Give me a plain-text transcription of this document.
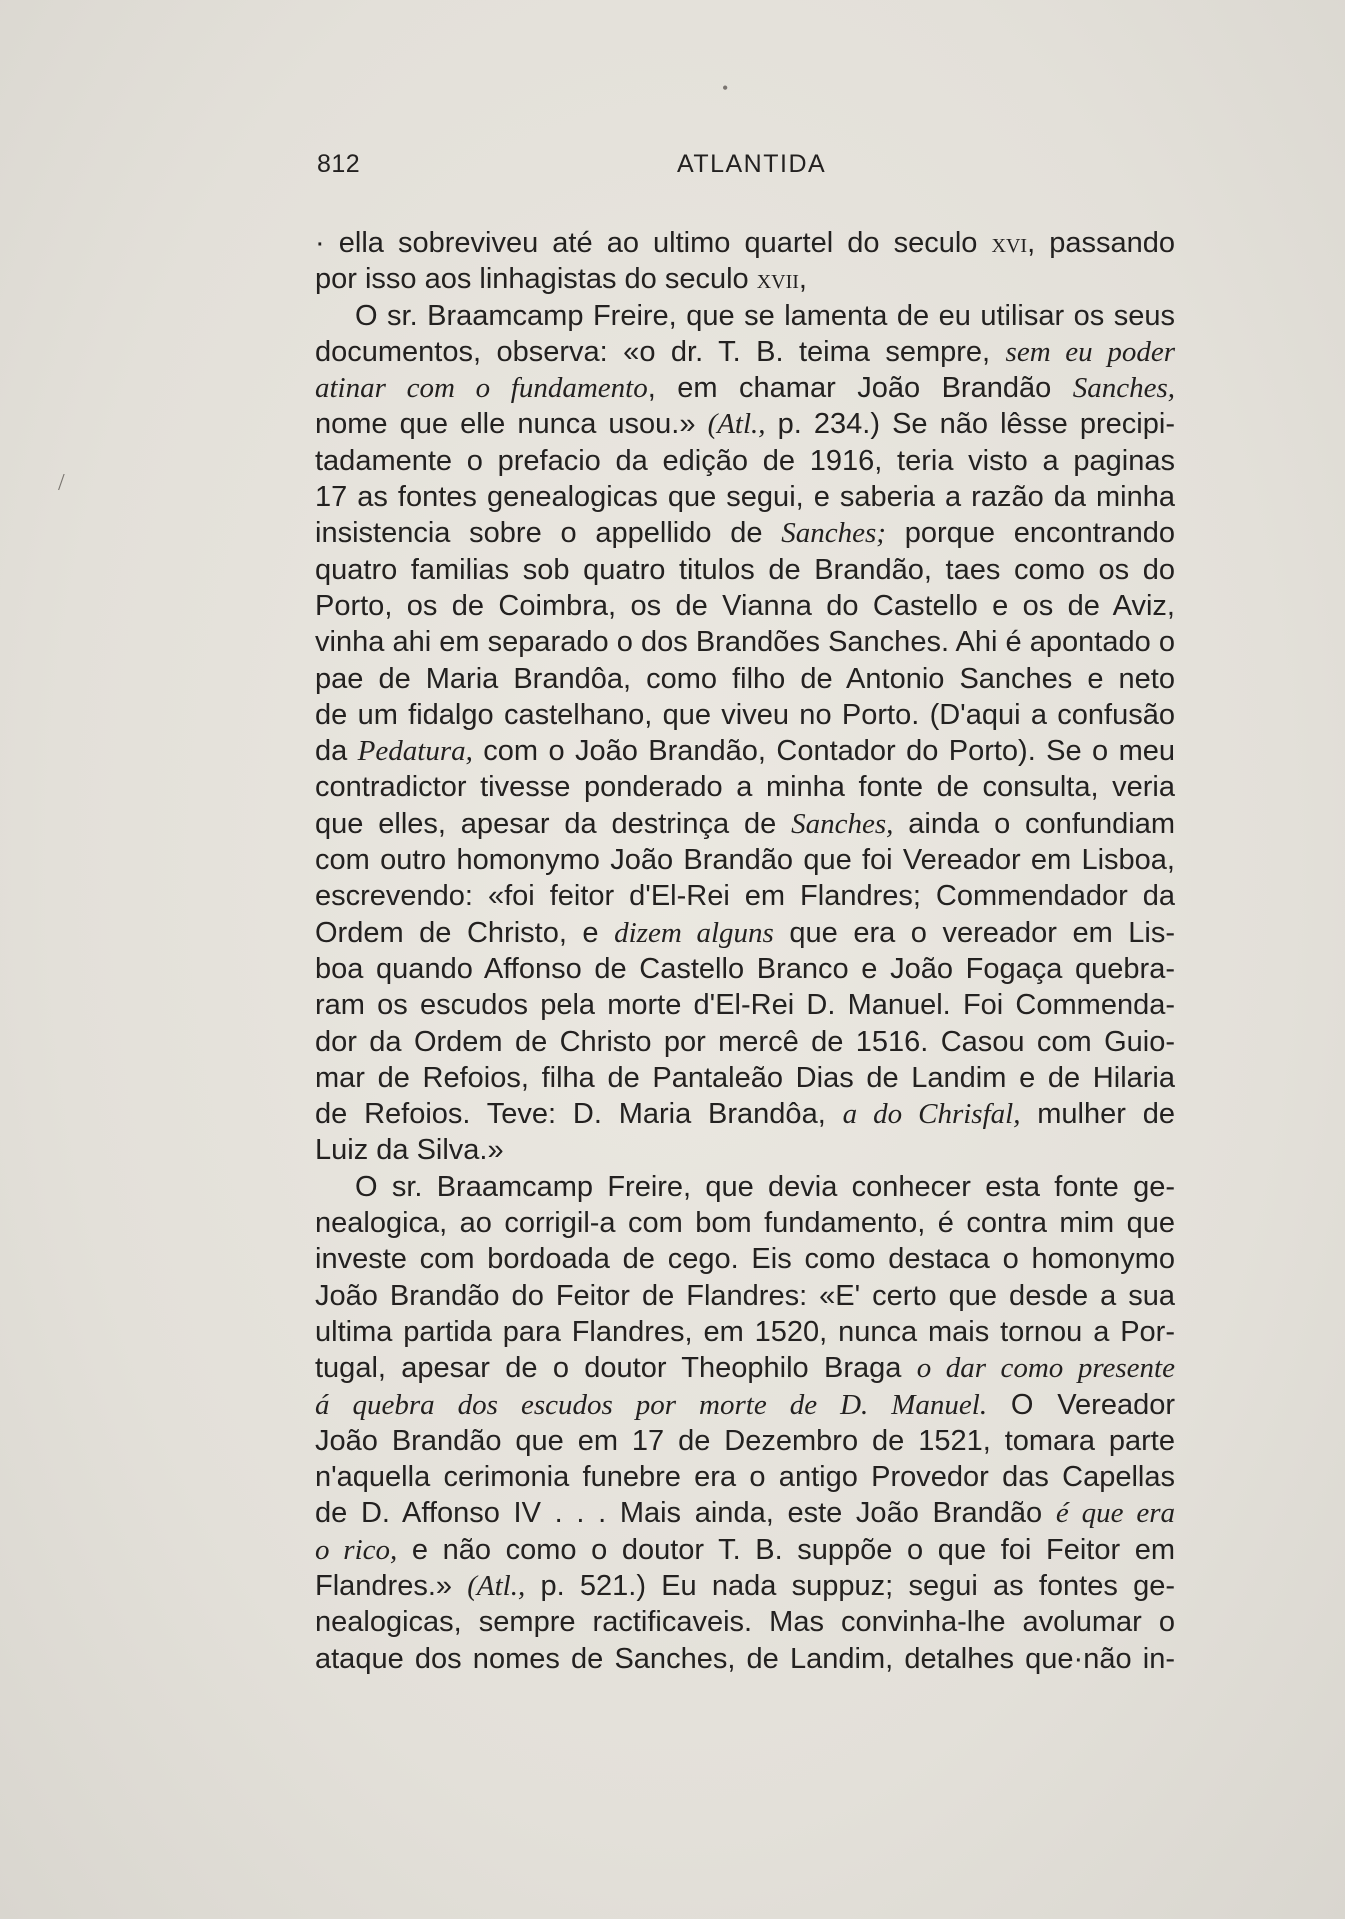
•
/
812	ATLANTIDA
· ella sobreviveu até ao ultimo quartel do seculo xvi, passando
por isso aos linhagistas do seculo xvii,
O sr. Braamcamp Freire, que se lamenta de eu utilisar os seus
documentos, observa: «o dr. T. B. teima sempre, sem eu poder
atinar com o fundamento, em chamar João Brandão Sanches,
nome que elle nunca usou.» (Atl., p. 234.) Se não lêsse precipi-
tadamente o prefacio da edição de 1916, teria visto a paginas
17 as fontes genealogicas que segui, e saberia a razão da minha
insistencia sobre o appellido de Sanches; porque encontrando
quatro familias sob quatro titulos de Brandão, taes como os do
Porto, os de Coimbra, os de Vianna do Castello e os de Aviz,
vinha ahi em separado o dos Brandões Sanches. Ahi é apontado o
pae de Maria Brandôa, como filho de Antonio Sanches e neto
de um fidalgo castelhano, que viveu no Porto. (D'aqui a confusão
da Pedatura, com o João Brandão, Contador do Porto). Se o meu
contradictor tivesse ponderado a minha fonte de consulta, veria
que elles, apesar da destrinça de Sanches, ainda o confundiam
com outro homonymo João Brandão que foi Vereador em Lisboa,
escrevendo: «foi feitor d'El-Rei em Flandres; Commendador da
Ordem de Christo, e dizem alguns que era o vereador em Lis-
boa quando Affonso de Castello Branco e João Fogaça quebra-
ram os escudos pela morte d'El-Rei D. Manuel. Foi Commenda-
dor da Ordem de Christo por mercê de 1516. Casou com Guio-
mar de Refoios, filha de Pantaleão Dias de Landim e de Hilaria
de Refoios. Teve: D. Maria Brandôa, a do Chrisfal, mulher de
Luiz da Silva.»
O sr. Braamcamp Freire, que devia conhecer esta fonte ge-
nealogica, ao corrigil-a com bom fundamento, é contra mim que
investe com bordoada de cego. Eis como destaca o homonymo
João Brandão do Feitor de Flandres: «E' certo que desde a sua
ultima partida para Flandres, em 1520, nunca mais tornou a Por-
tugal, apesar de o doutor Theophilo Braga o dar como presente
á quebra dos escudos por morte de D. Manuel. O Vereador
João Brandão que em 17 de Dezembro de 1521, tomara parte
n'aquella cerimonia funebre era o antigo Provedor das Capellas
de D. Affonso IV . . . Mais ainda, este João Brandão é que era
o rico, e não como o doutor T. B. suppõe o que foi Feitor em
Flandres.» (Atl., p. 521.) Eu nada suppuz; segui as fontes ge-
nealogicas, sempre ractificaveis. Mas convinha-lhe avolumar o
ataque dos nomes de Sanches, de Landim, detalhes que·não in-
